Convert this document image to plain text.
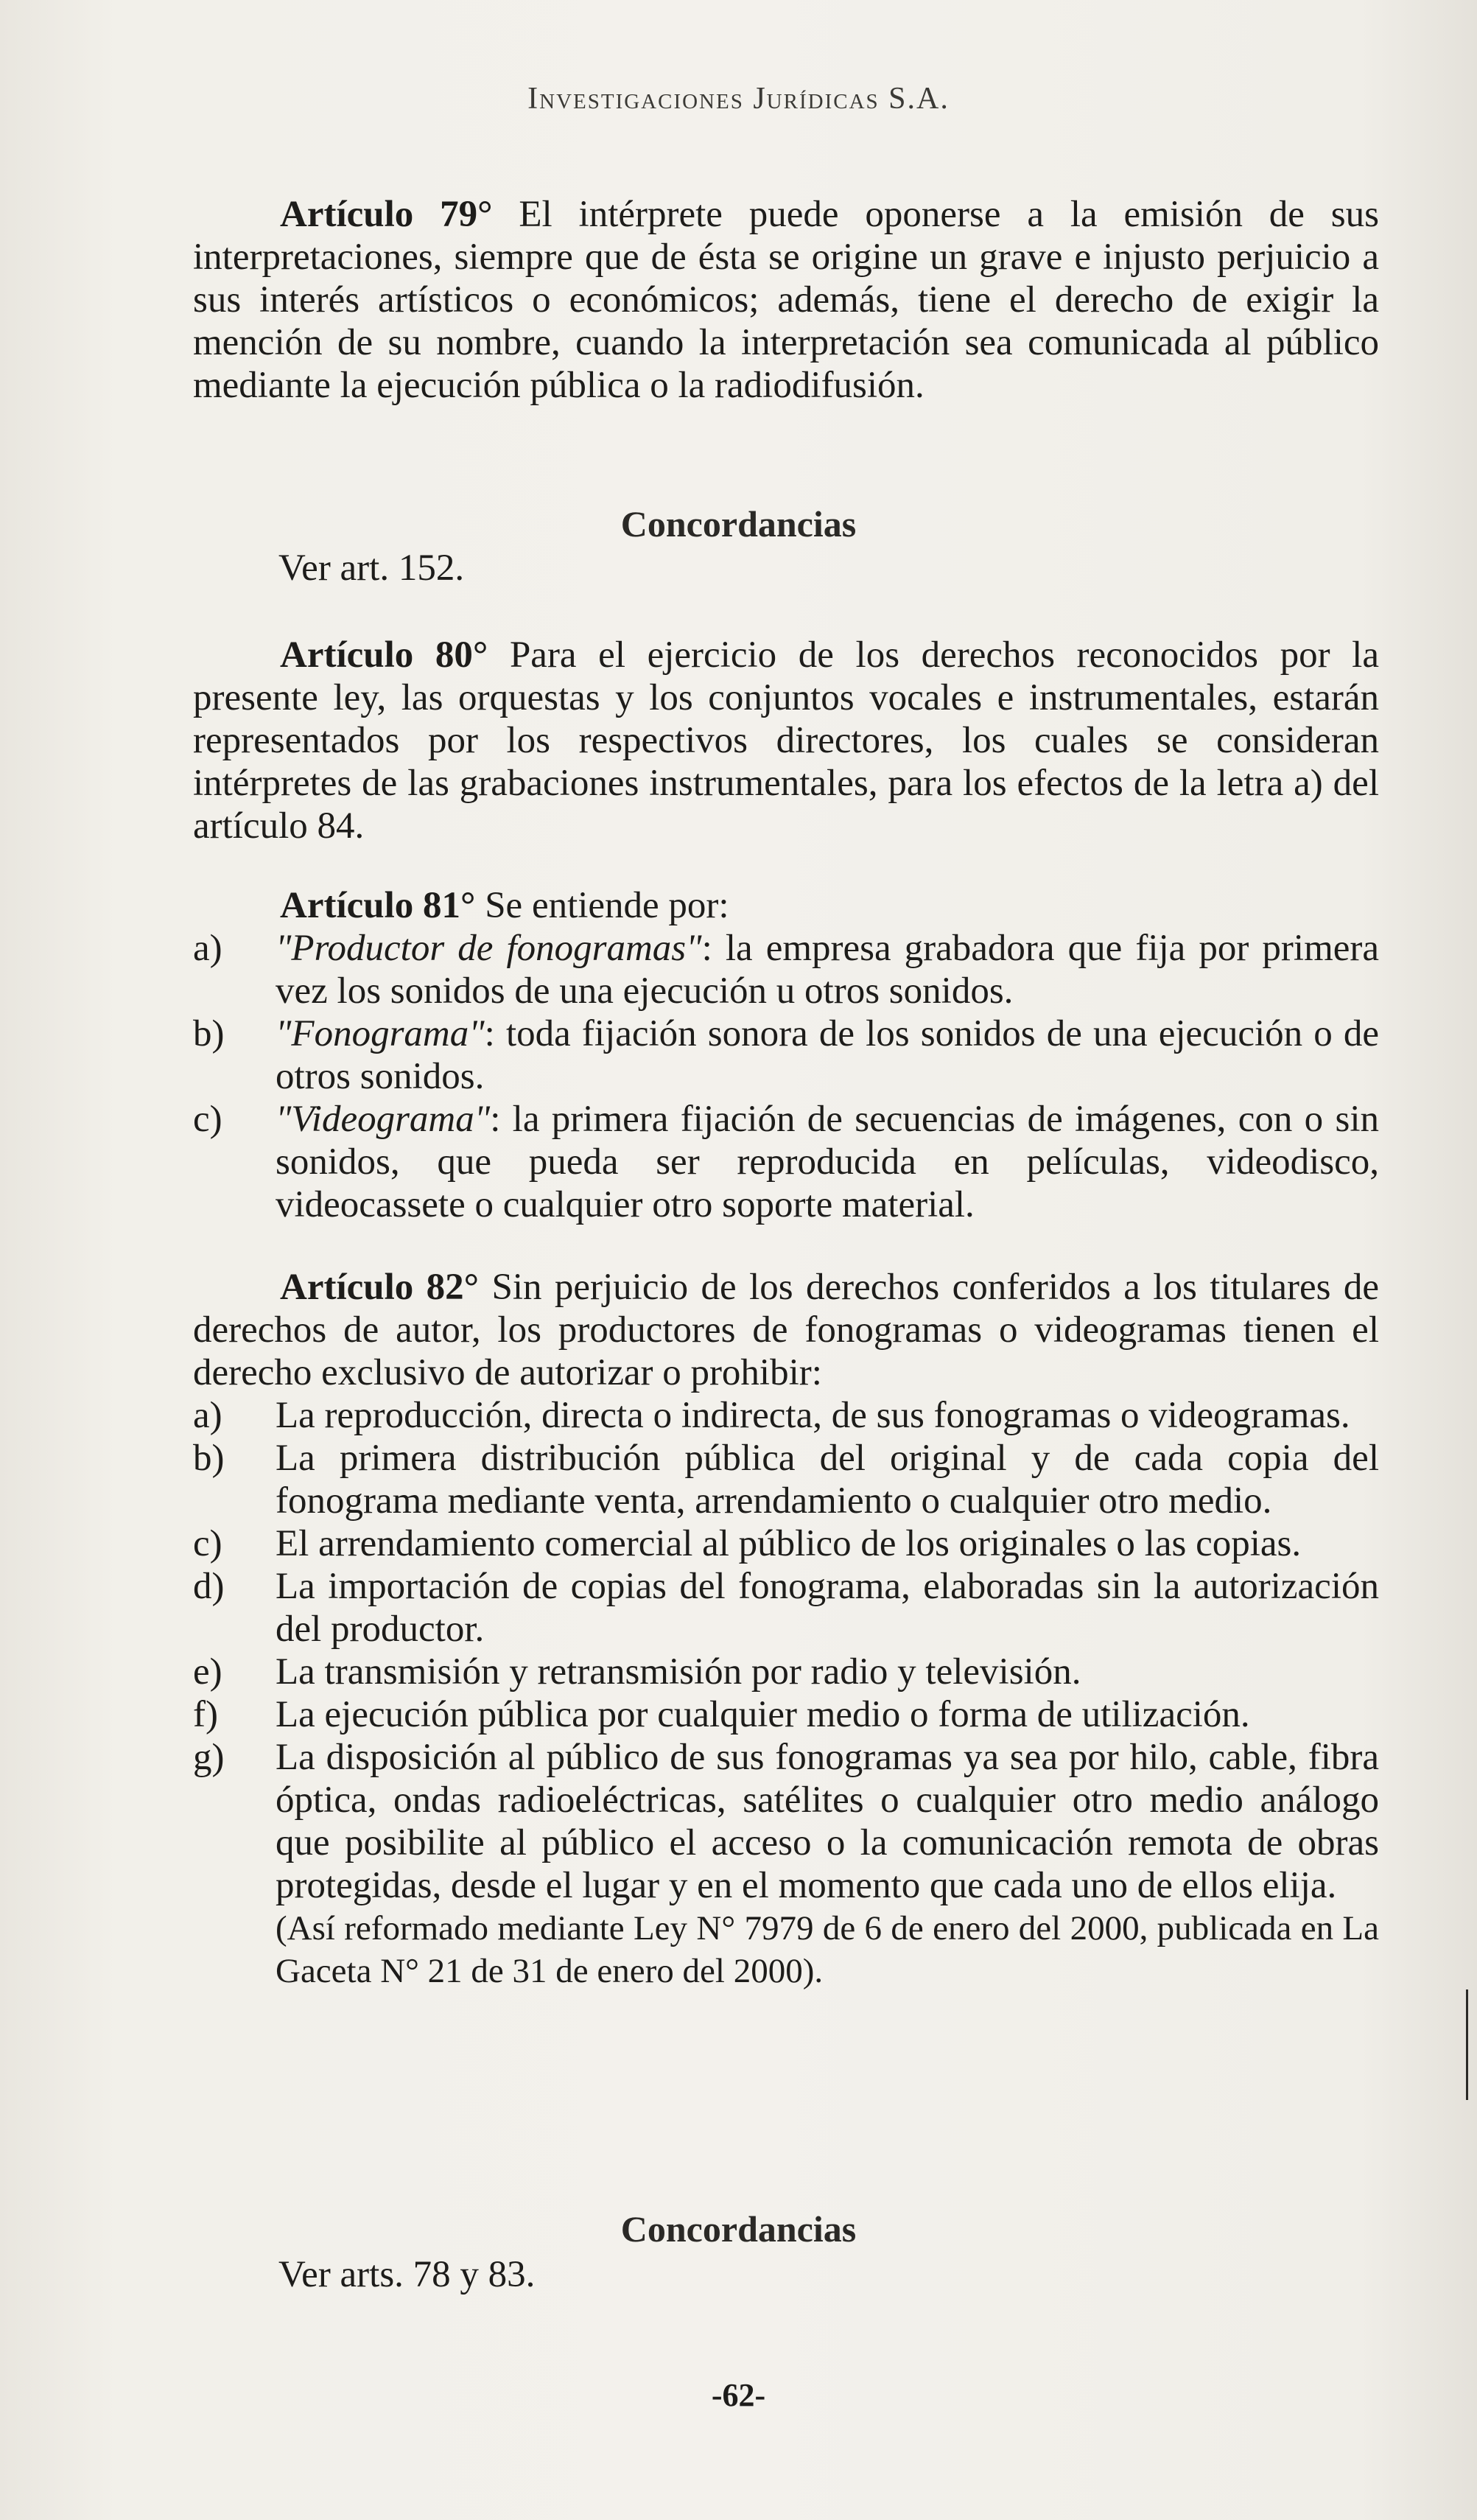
Investigaciones Jurídicas S.A.

Artículo 79° El intérprete puede oponerse a la emisión de sus interpretaciones, siempre que de ésta se origine un grave e injusto perjuicio a sus interés artísticos o económicos; además, tiene el derecho de exigir la mención de su nombre, cuando la interpretación sea comunicada al público mediante la ejecución pública o la radiodifusión.

Concordancias
Ver art. 152.

Artículo 80° Para el ejercicio de los derechos reconocidos por la presente ley, las orquestas y los conjuntos vocales e instrumentales, estarán representados por los respectivos directores, los cuales se consideran intérpretes de las grabaciones instrumentales, para los efectos de la letra a) del artículo 84.

Artículo 81° Se entiende por:

a) "Productor de fonogramas": la empresa grabadora que fija por primera vez los sonidos de una ejecución u otros sonidos.
b) "Fonograma": toda fijación sonora de los sonidos de una ejecución o de otros sonidos.
c) "Videograma": la primera fijación de secuencias de imágenes, con o sin sonidos, que pueda ser reproducida en películas, videodisco, videocassete o cualquier otro soporte material.

Artículo 82° Sin perjuicio de los derechos conferidos a los titulares de derechos de autor, los productores de fonogramas o videogramas tienen el derecho exclusivo de autorizar o prohibir:

a) La reproducción, directa o indirecta, de sus fonogramas o videogramas.
b) La primera distribución pública del original y de cada copia del fonograma mediante venta, arrendamiento o cualquier otro medio.
c) El arrendamiento comercial al público de los originales o las copias.
d) La importación de copias del fonograma, elaboradas sin la autorización del productor.
e) La transmisión y retransmisión por radio y televisión.
f) La ejecución pública por cualquier medio o forma de utilización.
g) La disposición al público de sus fonogramas ya sea por hilo, cable, fibra óptica, ondas radioeléctricas, satélites o cualquier otro medio análogo que posibilite al público el acceso o la comunicación remota de obras protegidas, desde el lugar y en el momento que cada uno de ellos elija.

(Así reformado mediante Ley N° 7979 de 6 de enero del 2000, publicada en La Gaceta N° 21 de 31 de enero del 2000).

Concordancias
Ver arts. 78 y 83.
-62-
